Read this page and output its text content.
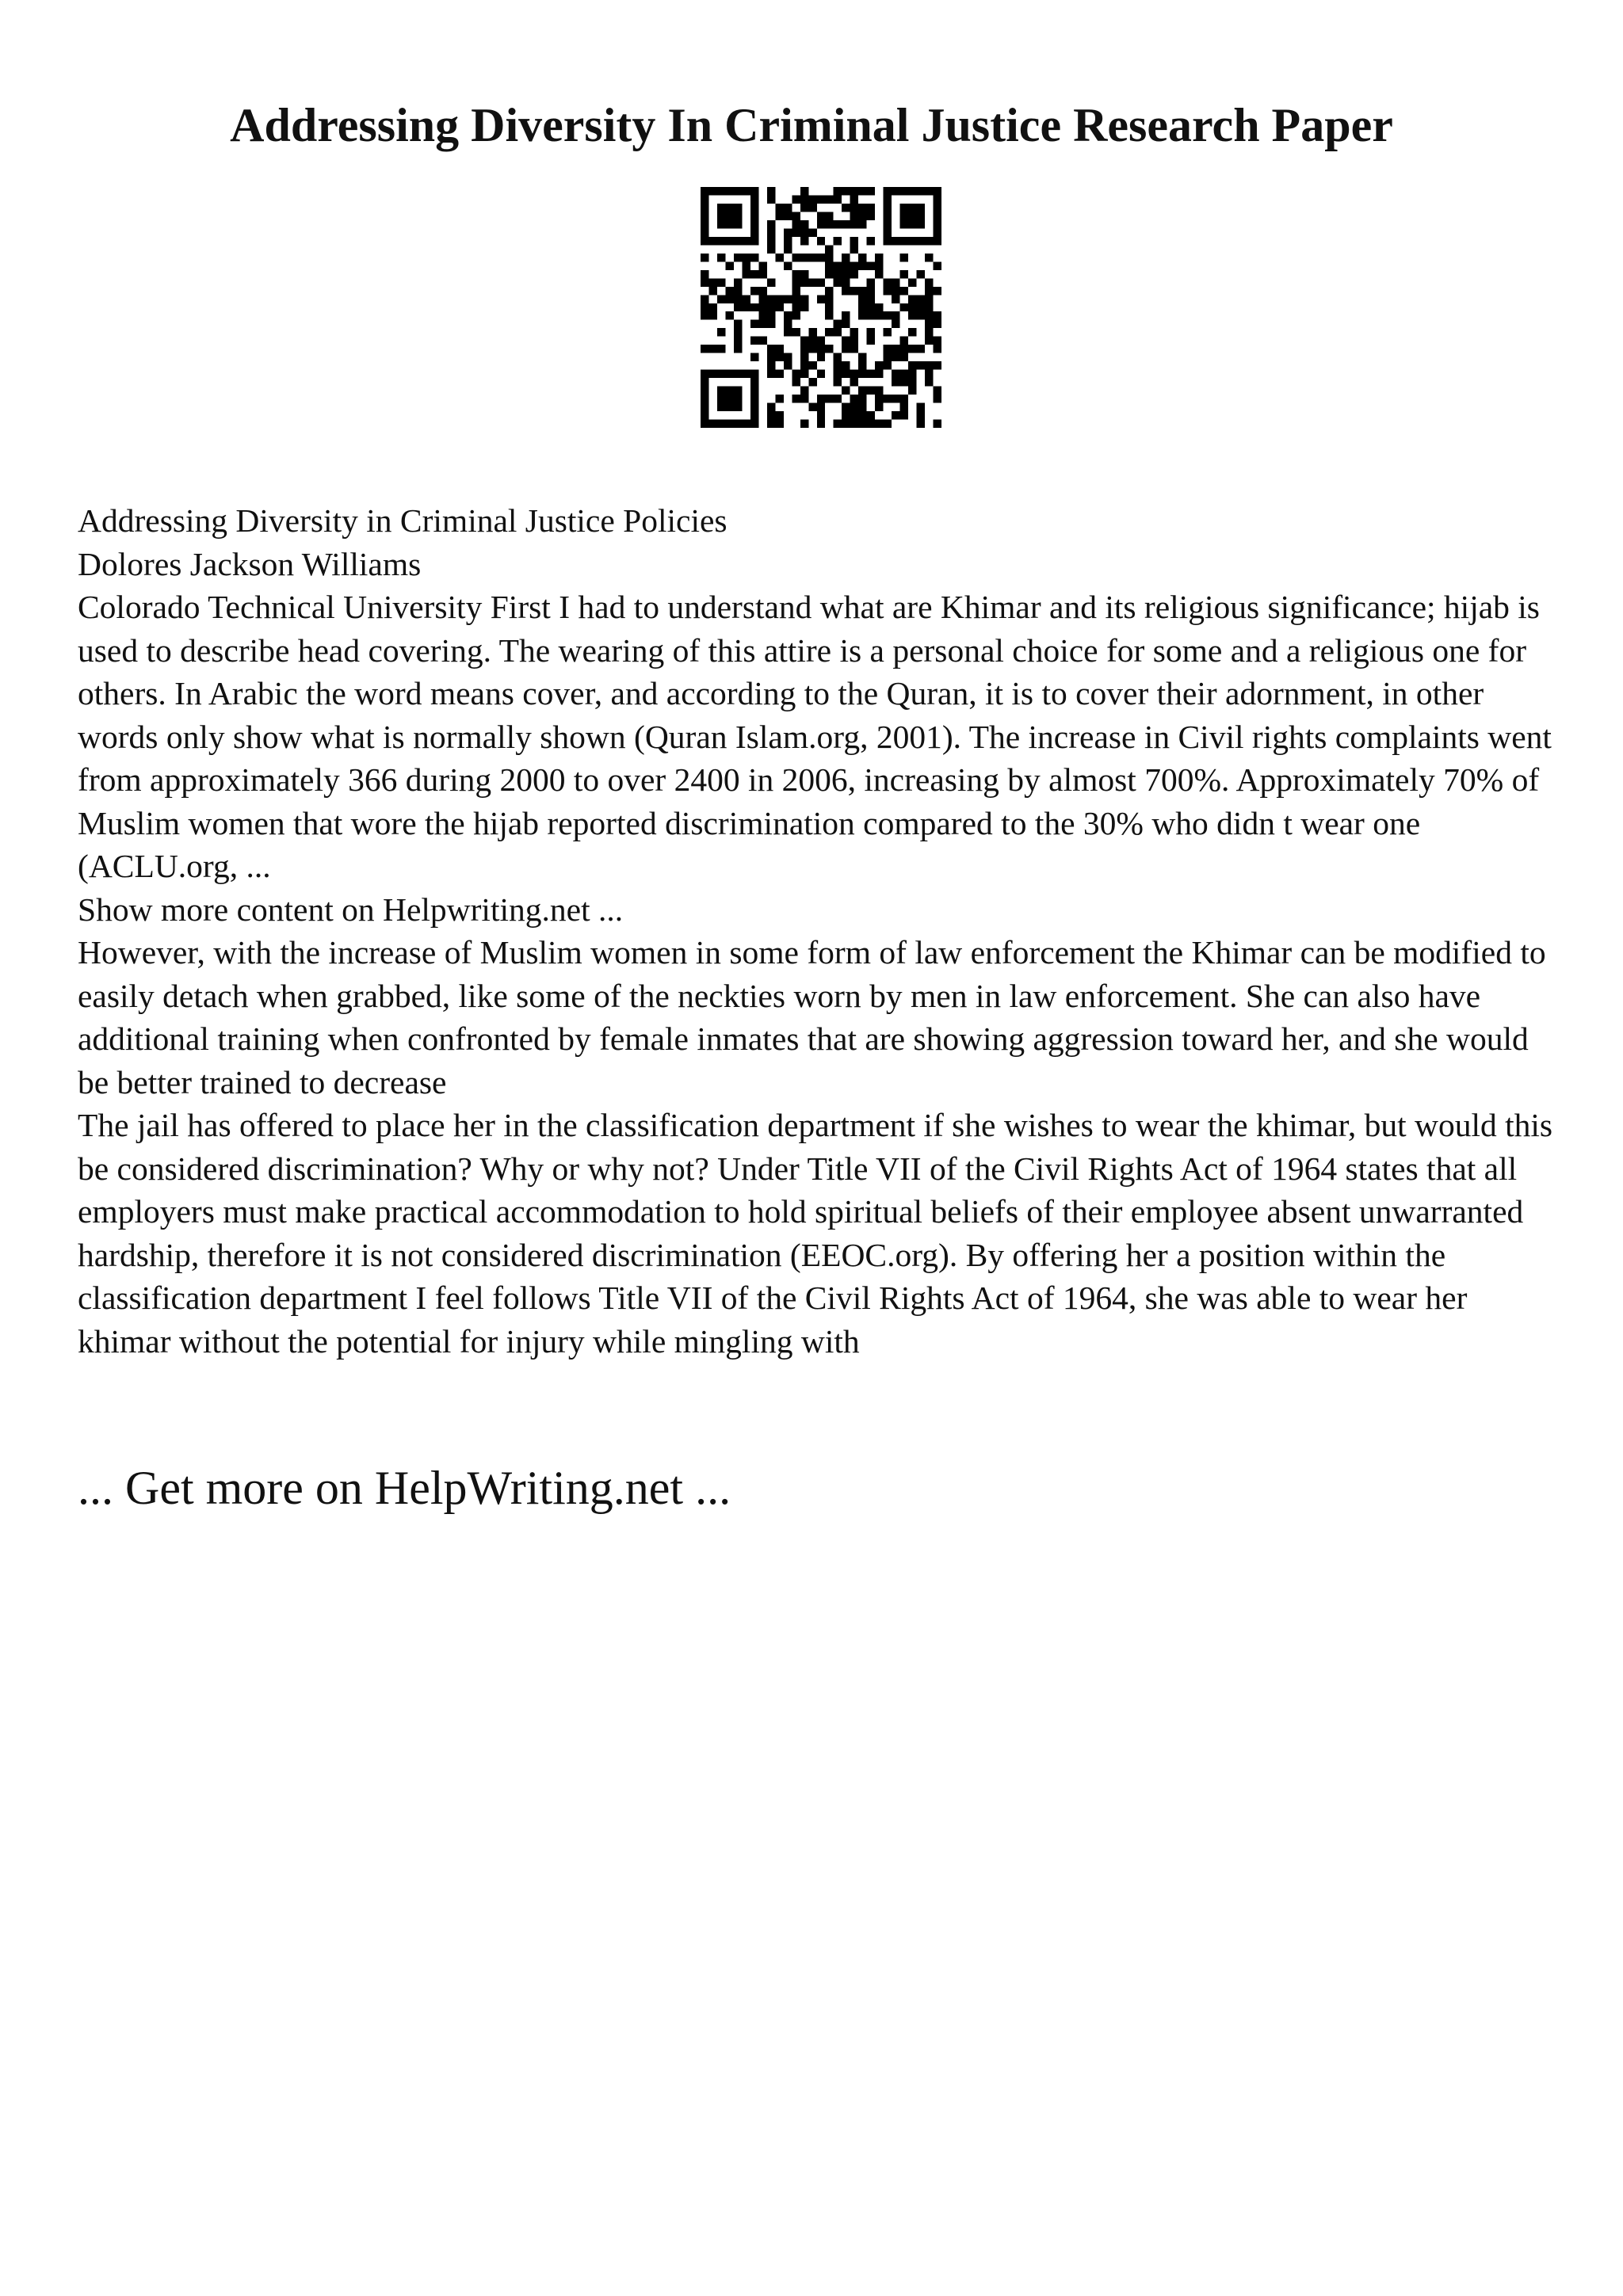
Addressing Diversity In Criminal Justice Research Paper

Addressing Diversity in Criminal Justice Policies

Dolores Jackson Williams

Colorado Technical University First I had to understand what are Khimar and its religious significance; hijab is used to describe head covering. The wearing of this attire is a personal choice for some and a religious one for others. In Arabic the word means cover, and according to the Quran, it is to cover their adornment, in other words only show what is normally shown (Quran Islam.org, 2001). The increase in Civil rights complaints went from approximately 366 during 2000 to over 2400 in 2006, increasing by almost 700%. Approximately 70% of Muslim women that wore the hijab reported discrimination compared to the 30% who didn t wear one (ACLU.org, ...

Show more content on Helpwriting.net ...

However, with the increase of Muslim women in some form of law enforcement the Khimar can be modified to easily detach when grabbed, like some of the neckties worn by men in law enforcement. She can also have additional training when confronted by female inmates that are showing aggression toward her, and she would be better trained to decrease

The jail has offered to place her in the classification department if she wishes to wear the khimar, but would this be considered discrimination? Why or why not? Under Title VII of the Civil Rights Act of 1964 states that all employers must make practical accommodation to hold spiritual beliefs of their employee absent unwarranted hardship, therefore it is not considered discrimination (EEOC.org). By offering her a position within the classification department I feel follows Title VII of the Civil Rights Act of 1964, she was able to wear her khimar without the potential for injury while mingling with

... Get more on HelpWriting.net ...
